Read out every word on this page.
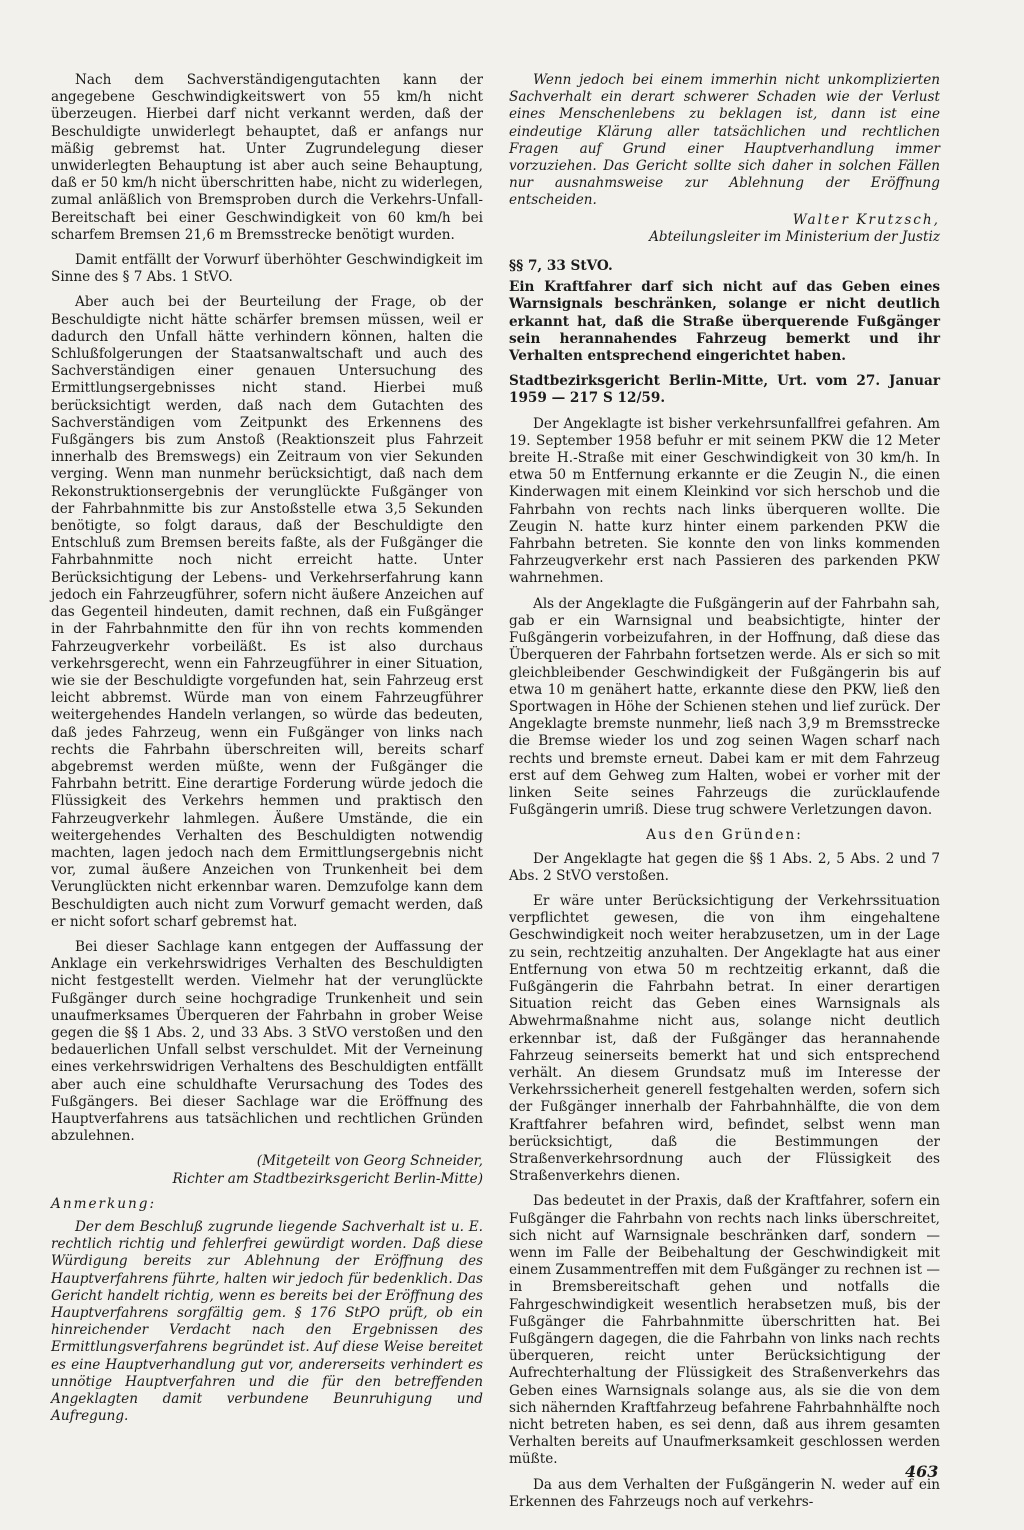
Nach dem Sachverständigengutachten kann der angegebene Geschwindigkeitswert von 55 km/h nicht überzeugen. Hierbei darf nicht verkannt werden, daß der Beschuldigte unwiderlegt behauptet, daß er anfangs nur mäßig gebremst hat. Unter Zugrundelegung dieser unwiderlegten Behauptung ist aber auch seine Behauptung, daß er 50 km/h nicht überschritten habe, nicht zu widerlegen, zumal anläßlich von Bremsproben durch die Verkehrs-Unfall-Bereitschaft bei einer Geschwindigkeit von 60 km/h bei scharfem Bremsen 21,6 m Bremsstrecke benötigt wurden.

Damit entfällt der Vorwurf überhöhter Geschwindigkeit im Sinne des § 7 Abs. 1 StVO.

Aber auch bei der Beurteilung der Frage, ob der Beschuldigte nicht hätte schärfer bremsen müssen, weil er dadurch den Unfall hätte verhindern können, halten die Schlußfolgerungen der Staatsanwaltschaft und auch des Sachverständigen einer genauen Untersuchung des Ermittlungsergebnisses nicht stand. Hierbei muß berücksichtigt werden, daß nach dem Gutachten des Sachverständigen vom Zeitpunkt des Erkennens des Fußgängers bis zum Anstoß (Reaktionszeit plus Fahrzeit innerhalb des Bremswegs) ein Zeitraum von vier Sekunden verging. Wenn man nunmehr berücksichtigt, daß nach dem Rekonstruktionsergebnis der verunglückte Fußgänger von der Fahrbahnmitte bis zur Anstoßstelle etwa 3,5 Sekunden benötigte, so folgt daraus, daß der Beschuldigte den Entschluß zum Bremsen bereits faßte, als der Fußgänger die Fahrbahnmitte noch nicht erreicht hatte. Unter Berücksichtigung der Lebens- und Verkehrserfahrung kann jedoch ein Fahrzeugführer, sofern nicht äußere Anzeichen auf das Gegenteil hindeuten, damit rechnen, daß ein Fußgänger in der Fahrbahnmitte den für ihn von rechts kommenden Fahrzeugverkehr vorbeiläßt. Es ist also durchaus verkehrsgerecht, wenn ein Fahrzeugführer in einer Situation, wie sie der Beschuldigte vorgefunden hat, sein Fahrzeug erst leicht abbremst. Würde man von einem Fahrzeugführer weitergehendes Handeln verlangen, so würde das bedeuten, daß jedes Fahrzeug, wenn ein Fußgänger von links nach rechts die Fahrbahn überschreiten will, bereits scharf abgebremst werden müßte, wenn der Fußgänger die Fahrbahn betritt. Eine derartige Forderung würde jedoch die Flüssigkeit des Verkehrs hemmen und praktisch den Fahrzeugverkehr lahmlegen. Äußere Umstände, die ein weitergehendes Verhalten des Beschuldigten notwendig machten, lagen jedoch nach dem Ermittlungsergebnis nicht vor, zumal äußere Anzeichen von Trunkenheit bei dem Verunglückten nicht erkennbar waren. Demzufolge kann dem Beschuldigten auch nicht zum Vorwurf gemacht werden, daß er nicht sofort scharf gebremst hat.

Bei dieser Sachlage kann entgegen der Auffassung der Anklage ein verkehrswidriges Verhalten des Beschuldigten nicht festgestellt werden. Vielmehr hat der verunglückte Fußgänger durch seine hochgradige Trunkenheit und sein unaufmerksames Überqueren der Fahrbahn in grober Weise gegen die §§ 1 Abs. 2, und 33 Abs. 3 StVO verstoßen und den bedauerlichen Unfall selbst verschuldet. Mit der Verneinung eines verkehrswidrigen Verhaltens des Beschuldigten entfällt aber auch eine schuldhafte Verursachung des Todes des Fußgängers. Bei dieser Sachlage war die Eröffnung des Hauptverfahrens aus tatsächlichen und rechtlichen Gründen abzulehnen.

(Mitgeteilt von Georg Schneider,

Richter am Stadtbezirksgericht Berlin-Mitte)

Anmerkung:

Der dem Beschluß zugrunde liegende Sachverhalt ist u. E. rechtlich richtig und fehlerfrei gewürdigt worden. Daß diese Würdigung bereits zur Ablehnung der Eröffnung des Hauptverfahrens führte, halten wir jedoch für bedenklich. Das Gericht handelt richtig, wenn es bereits bei der Eröffnung des Hauptverfahrens sorgfältig gem. § 176 StPO prüft, ob ein hinreichender Verdacht nach den Ergebnissen des Ermittlungsverfahrens begründet ist. Auf diese Weise bereitet es eine Hauptverhandlung gut vor, andererseits verhindert es unnötige Hauptverfahren und die für den betreffenden Angeklagten damit verbundene Beunruhigung und Aufregung.

Wenn jedoch bei einem immerhin nicht unkomplizierten Sachverhalt ein derart schwerer Schaden wie der Verlust eines Menschenlebens zu beklagen ist, dann ist eine eindeutige Klärung aller tatsächlichen und rechtlichen Fragen auf Grund einer Hauptverhandlung immer vorzuziehen. Das Gericht sollte sich daher in solchen Fällen nur ausnahmsweise zur Ablehnung der Eröffnung entscheiden.

Walter Krutzsch,

Abteilungsleiter im Ministerium der Justiz

§§ 7, 33 StVO.

Ein Kraftfahrer darf sich nicht auf das Geben eines Warnsignals beschränken, solange er nicht deutlich erkannt hat, daß die Straße überquerende Fußgänger sein herannahendes Fahrzeug bemerkt und ihr Verhalten entsprechend eingerichtet haben.

Stadtbezirksgericht Berlin-Mitte, Urt. vom 27. Januar 1959 — 217 S 12/59.

Der Angeklagte ist bisher verkehrsunfallfrei gefahren. Am 19. September 1958 befuhr er mit seinem PKW die 12 Meter breite H.-Straße mit einer Geschwindigkeit von 30 km/h. In etwa 50 m Entfernung erkannte er die Zeugin N., die einen Kinderwagen mit einem Kleinkind vor sich herschob und die Fahrbahn von rechts nach links überqueren wollte. Die Zeugin N. hatte kurz hinter einem parkenden PKW die Fahrbahn betreten. Sie konnte den von links kommenden Fahrzeugverkehr erst nach Passieren des parkenden PKW wahrnehmen.

Als der Angeklagte die Fußgängerin auf der Fahrbahn sah, gab er ein Warnsignal und beabsichtigte, hinter der Fußgängerin vorbeizufahren, in der Hoffnung, daß diese das Überqueren der Fahrbahn fortsetzen werde. Als er sich so mit gleichbleibender Geschwindigkeit der Fußgängerin bis auf etwa 10 m genähert hatte, erkannte diese den PKW, ließ den Sportwagen in Höhe der Schienen stehen und lief zurück. Der Angeklagte bremste nunmehr, ließ nach 3,9 m Bremsstrecke die Bremse wieder los und zog seinen Wagen scharf nach rechts und bremste erneut. Dabei kam er mit dem Fahrzeug erst auf dem Gehweg zum Halten, wobei er vorher mit der linken Seite seines Fahrzeugs die zurücklaufende Fußgängerin umriß. Diese trug schwere Verletzungen davon.

Aus den Gründen:

Der Angeklagte hat gegen die §§ 1 Abs. 2, 5 Abs. 2 und 7 Abs. 2 StVO verstoßen.

Er wäre unter Berücksichtigung der Verkehrssituation verpflichtet gewesen, die von ihm eingehaltene Geschwindigkeit noch weiter herabzusetzen, um in der Lage zu sein, rechtzeitig anzuhalten. Der Angeklagte hat aus einer Entfernung von etwa 50 m rechtzeitig erkannt, daß die Fußgängerin die Fahrbahn betrat. In einer derartigen Situation reicht das Geben eines Warnsignals als Abwehrmaßnahme nicht aus, solange nicht deutlich erkennbar ist, daß der Fußgänger das herannahende Fahrzeug seinerseits bemerkt hat und sich entsprechend verhält. An diesem Grundsatz muß im Interesse der Verkehrssicherheit generell festgehalten werden, sofern sich der Fußgänger innerhalb der Fahrbahnhälfte, die von dem Kraftfahrer befahren wird, befindet, selbst wenn man berücksichtigt, daß die Bestimmungen der Straßenverkehrsordnung auch der Flüssigkeit des Straßenverkehrs dienen.

Das bedeutet in der Praxis, daß der Kraftfahrer, sofern ein Fußgänger die Fahrbahn von rechts nach links überschreitet, sich nicht auf Warnsignale beschränken darf, sondern — wenn im Falle der Beibehaltung der Geschwindigkeit mit einem Zusammentreffen mit dem Fußgänger zu rechnen ist — in Bremsbereitschaft gehen und notfalls die Fahrgeschwindigkeit wesentlich herabsetzen muß, bis der Fußgänger die Fahrbahnmitte überschritten hat. Bei Fußgängern dagegen, die die Fahrbahn von links nach rechts überqueren, reicht unter Berücksichtigung der Aufrechterhaltung der Flüssigkeit des Straßenverkehrs das Geben eines Warnsignals solange aus, als sie die von dem sich nähernden Kraftfahrzeug befahrene Fahrbahnhälfte noch nicht betreten haben, es sei denn, daß aus ihrem gesamten Verhalten bereits auf Unaufmerksamkeit geschlossen werden müßte.

Da aus dem Verhalten der Fußgängerin N. weder auf ein Erkennen des Fahrzeugs noch auf verkehrs-

463
